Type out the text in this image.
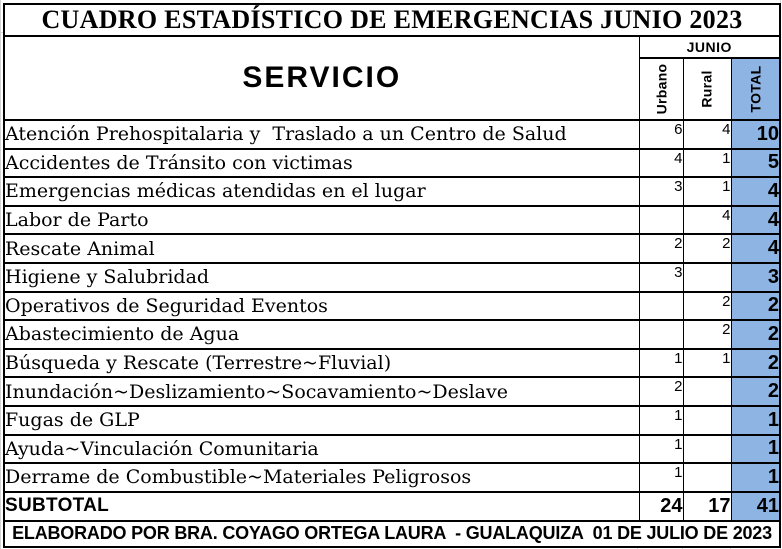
CUADRO ESTADÍSTICO DE EMERGENCIAS JUNIO 2023			
SERVICIO	JUNIO		

	Urbano	Rural	TOTAL

Atención Prehospitalaria y  Traslado a un Centro de Salud	6	4	10
Accidentes de Tránsito con victimas	4	1	5
Emergencias médicas atendidas en el lugar	3	1	4
Labor de Parto		4	4
Rescate Animal	2	2	4
Higiene y Salubridad	3		3
Operativos de Seguridad Eventos		2	2
Abastecimiento de Agua		2	2
Búsqueda y Rescate (Terrestre~Fluvial)	1	1	2
Inundación~Deslizamiento~Socavamiento~Deslave	2		2
Fugas de GLP	1		1
Ayuda~Vinculación Comunitaria	1		1
Derrame de Combustible~Materiales Peligrosos	1		1
SUBTOTAL	24	17	41
ELABORADO POR BRA. COYAGO ORTEGA LAURA  - GUALAQUIZA  01 DE JULIO DE 2023			
